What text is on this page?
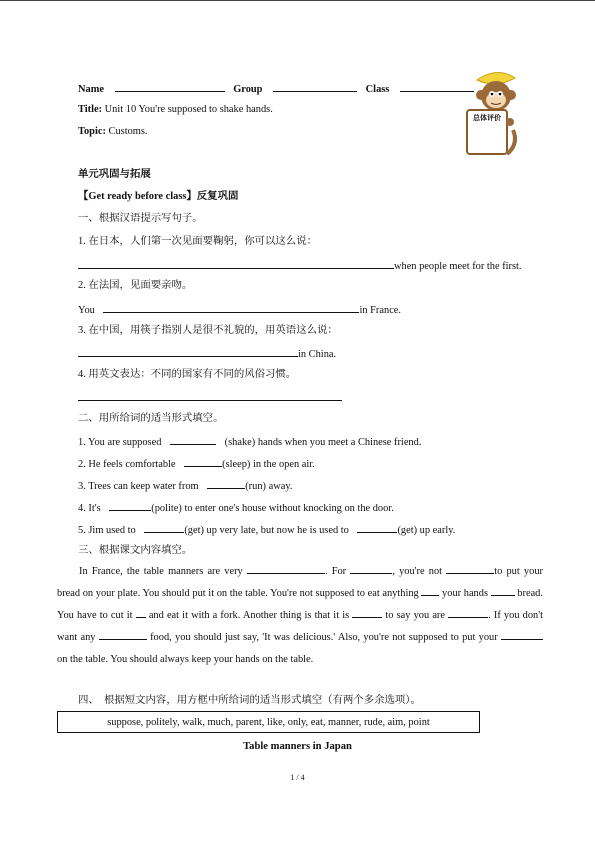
Name	Group	Class
Title: Unit 10 You're supposed to shake hands.
Topic: Customs.
总体评价
单元巩固与拓展
【Get ready before class】反复巩固
一、根据汉语提示写句子。
1. 在日本，人们第一次见面要鞠躬，你可以这么说：
when people meet for the first.
2. 在法国，见面要亲吻。
You	in France.
3. 在中国，用筷子指别人是很不礼貌的，用英语这么说：
in China.
4. 用英文表达：不同的国家有不同的风俗习惯。
二、用所给词的适当形式填空。
1. You are supposed	(shake) hands when you meet a Chinese friend.
2. He feels comfortable	(sleep) in the open air.
3. Trees can keep water from	(run) away.
4. It's	(polite) to enter one's house without knocking on the door.
5. Jim used to	(get) up very late, but now he is used to	(get) up early.
三、根据课文内容填空。
In France, the table manners are very	. For	, you're not	to put your bread on your plate. You should put it on the table. You're not supposed to eat anything your hands	bread. You have to cut it and eat it with a fork. Another thing is that it is	to say you are	. If you don't want any	food, you should just say, 'It was delicious.' Also, you're not supposed to put your  on the table. You should always keep your hands on the table.
四、　根据短文内容，用方框中所给词的适当形式填空（有两个多余选项）。
suppose, politely, walk, much, parent, like, only, eat, manner, rude, aim, point
Table manners in Japan
1 / 4
